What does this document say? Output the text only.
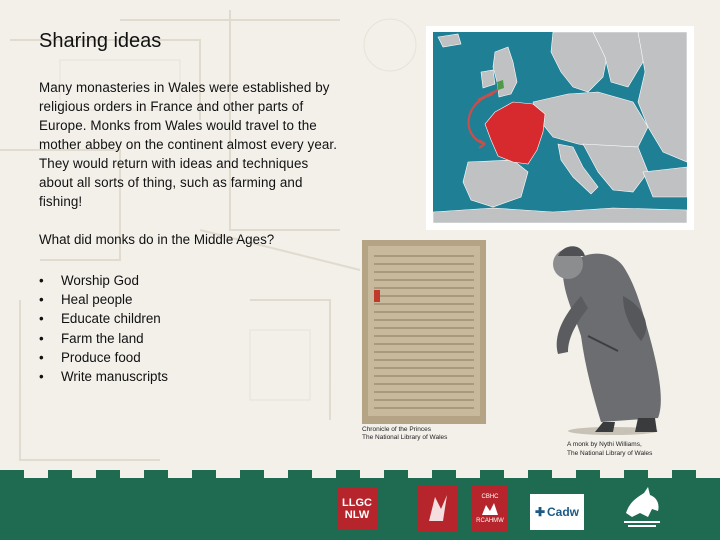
Sharing ideas
Many monasteries in Wales were established by religious orders in France and other parts of Europe. Monks from Wales would travel to the mother abbey on the continent almost every year. They would return with ideas and techniques about all sorts of thing, such as farming and fishing!
What did monks do in the Middle Ages?
• Worship God
• Heal people
• Educate children
• Farm the land
• Produce food
• Write manuscripts
Chronicle of the Princes
The National Library of Wales
A monk by Nythi Williams,
The National Library of Wales
LLGC
NLW
CBHC
RCAHMW
✚ Cadw
